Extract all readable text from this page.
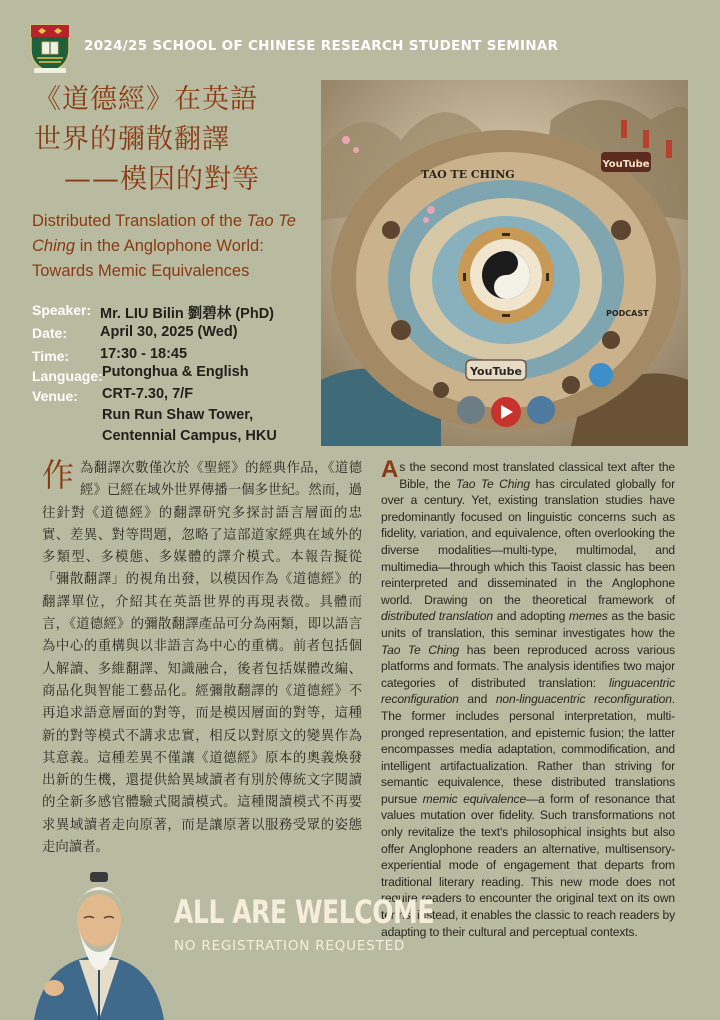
2024/25 SCHOOL OF CHINESE RESEARCH STUDENT SEMINAR
《道德經》在英語
世界的彌散翻譯
——模因的對等
Distributed Translation of the Tao Te Ching in the Anglophone World: Towards Memic Equivalences
Speaker: Mr. LIU Bilin 劉碧林 (PhD)
Date: April 30, 2025 (Wed)
Time: 17:30 - 18:45
Language: Putonghua & English
Venue: CRT-7.30, 7/F
Run Run Shaw Tower,
Centennial Campus, HKU
YouTube
YouTube
TAO TE CHING
PODCAST
作為翻譯次數僅次於《聖經》的經典作品，《道德經》已經在域外世界傳播一個多世紀。然而，過往針對《道德經》的翻譯研究多探討語言層面的忠實、差異、對等問題，忽略了這部道家經典在域外的多類型、多模態、多媒體的譯介模式。本報告擬從「彌散翻譯」的視角出發，以模因作為《道德經》的翻譯單位，介紹其在英語世界的再現表徵。具體而言，《道德經》的彌散翻譯產品可分為兩類，即以語言為中心的重構與以非語言為中心的重構。前者包括個人解讀、多維翻譯、知識融合，後者包括媒體改編、商品化與智能工藝品化。經彌散翻譯的《道德經》不再追求語意層面的對等，而是模因層面的對等，這種新的對等模式不講求忠實，相反以對原文的變異作為其意義。這種差異不僅讓《道德經》原本的奧義煥發出新的生機，還提供給異域讀者有別於傳統文字閱讀的全新多感官體驗式閱讀模式。這種閱讀模式不再要求異域讀者走向原著，而是讓原著以服務受眾的姿態走向讀者。
As the second most translated classical text after the Bible, the Tao Te Ching has circulated globally for over a century. Yet, existing translation studies have predominantly focused on linguistic concerns such as fidelity, variation, and equivalence, often overlooking the diverse modalities—multi-type, multimodal, and multimedia—through which this Taoist classic has been reinterpreted and disseminated in the Anglophone world. Drawing on the theoretical framework of distributed translation and adopting memes as the basic units of translation, this seminar investigates how the Tao Te Ching has been reproduced across various platforms and formats. The analysis identifies two major categories of distributed translation: linguacentric reconfiguration and non-linguacentric reconfiguration. The former includes personal interpretation, multi-pronged representation, and epistemic fusion; the latter encompasses media adaptation, commodification, and intelligent artifactualization. Rather than striving for semantic equivalence, these distributed translations pursue memic equivalence—a form of resonance that values mutation over fidelity. Such transformations not only revitalize the text's philosophical insights but also offer Anglophone readers an alternative, multisensory-experiential mode of engagement that departs from traditional literary reading. This new mode does not require readers to encounter the original text on its own terms; instead, it enables the classic to reach readers by adapting to their cultural and perceptual contexts.
ALL ARE WELCOME
NO REGISTRATION REQUESTED
